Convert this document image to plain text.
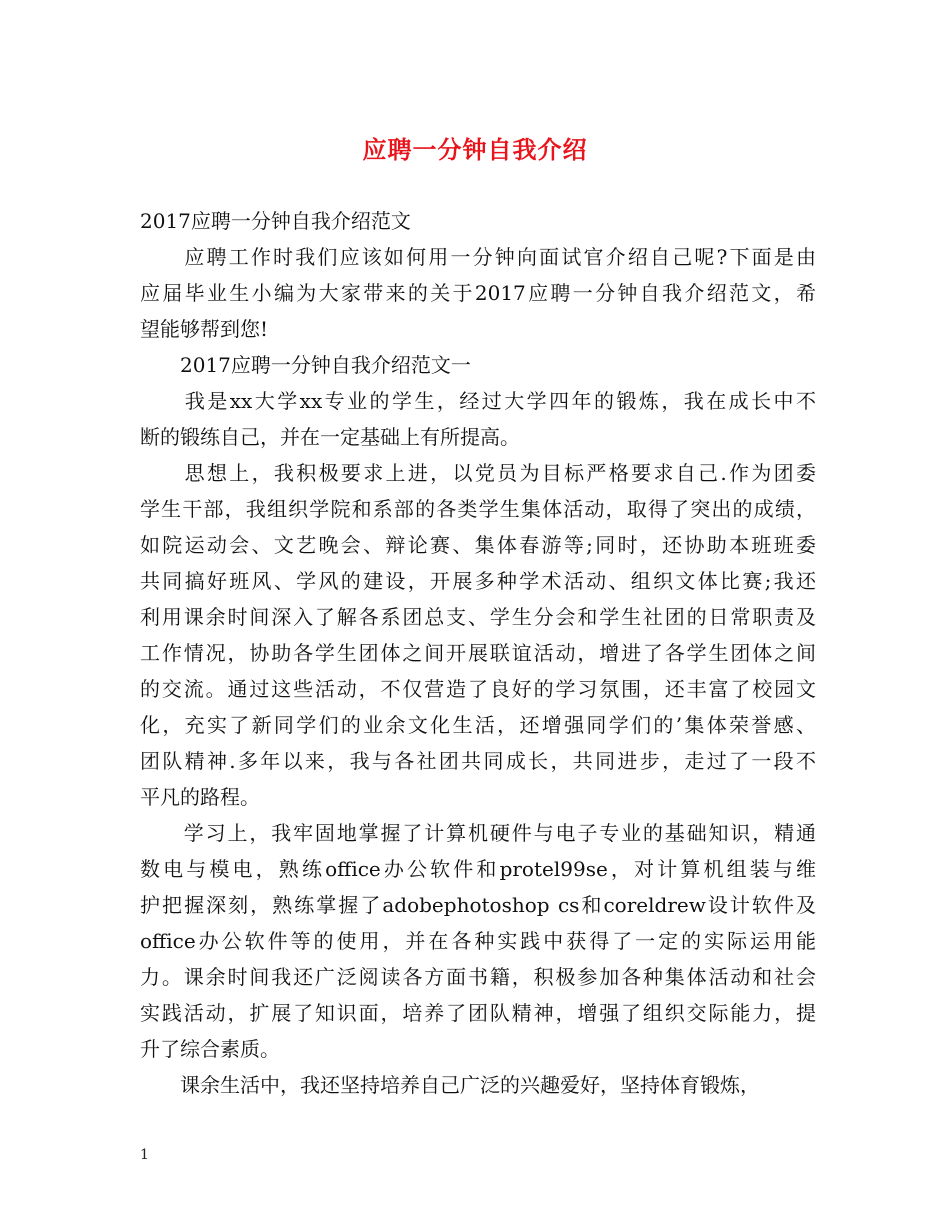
应聘一分钟自我介绍
2017应聘一分钟自我介绍范文
　　应聘工作时我们应该如何用一分钟向面试官介绍自己呢?下面是由
应届毕业生小编为大家带来的关于2017应聘一分钟自我介绍范文，希
望能够帮到您!
　　2017应聘一分钟自我介绍范文一
　　我是xx大学xx专业的学生，经过大学四年的锻炼，我在成长中不
断的锻练自己，并在一定基础上有所提高。
　　思想上，我积极要求上进，以党员为目标严格要求自己.作为团委
学生干部，我组织学院和系部的各类学生集体活动，取得了突出的成绩，
如院运动会、文艺晚会、辩论赛、集体春游等;同时，还协助本班班委
共同搞好班风、学风的建设，开展多种学术活动、组织文体比赛;我还
利用课余时间深入了解各系团总支、学生分会和学生社团的日常职责及
工作情况，协助各学生团体之间开展联谊活动，增进了各学生团体之间
的交流。通过这些活动，不仅营造了良好的学习氛围，还丰富了校园文
化，充实了新同学们的业余文化生活，还增强同学们的’集体荣誉感、
团队精神.多年以来，我与各社团共同成长，共同进步，走过了一段不
平凡的路程。
　　学习上，我牢固地掌握了计算机硬件与电子专业的基础知识，精通
数电与模电，熟练office办公软件和protel99se，对计算机组装与维
护把握深刻，熟练掌握了adobephotoshop cs和coreldrew设计软件及
office办公软件等的使用，并在各种实践中获得了一定的实际运用能
力。课余时间我还广泛阅读各方面书籍，积极参加各种集体活动和社会
实践活动，扩展了知识面，培养了团队精神，增强了组织交际能力，提
升了综合素质。
　　课余生活中，我还坚持培养自己广泛的兴趣爱好，坚持体育锻炼，
1
